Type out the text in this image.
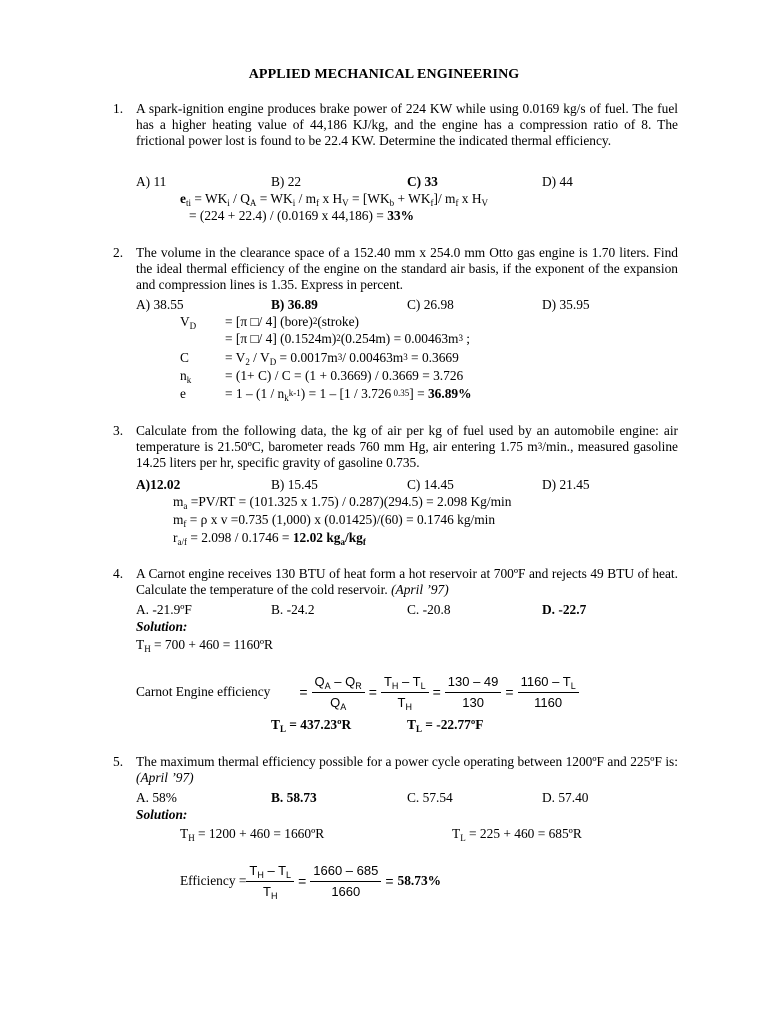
APPLIED MECHANICAL ENGINEERING
1. A spark-ignition engine produces brake power of 224 KW while using 0.0169 kg/s of fuel. The fuel has a higher heating value of 44,186 KJ/kg, and the engine has a compression ratio of 8. The frictional power lost is found to be 22.4 KW. Determine the indicated thermal efficiency.
A) 11	B) 22	C) 33	D) 44
$e_{ti} = WK_i / Q_A = WK_i / m_f$ x $H_V = [WK_b + WK_f]/$ $m_f$ x $H_V$
= (224 + 22.4) / (0.0169 x 44,186) = 33%
2. The volume in the clearance space of a 152.40 mm x 254.0 mm Otto gas engine is 1.70 liters. Find the ideal thermal efficiency of the engine on the standard air basis, if the exponent of the expansion and compression lines is 1.35. Express in percent.
A) 38.55	B) 36.89	C) 26.98	D) 35.95
$V_D = [\pi$ □/ 4] (bore)$^2$(stroke)
= [π □/ 4] $(0.1524m)^2(0.254m) = 0.00463m^3$ ;
C	= $V_2 / V_D = 0.0017m^3/$ $0.00463m^3 = 0.3669$
$n_k$	= (1+ C) / C = (1 + 0.3669) / 0.3669 = 3.726
e	= $1 - (1 / n_k^{k-1}) = 1 - [1 / 3.726$ $^{0.35}$] = 36.89%
3. Calculate from the following data, the kg of air per kg of fuel used by an automobile engine: air temperature is 21.50ºC, barometer reads 760 mm Hg, air entering 1.75 $m^3/\min$., measured gasoline 14.25 liters per hr, specific gravity of gasoline 0.735.
A)12.02	B) 15.45	C) 14.45	D) 21.45
$m_a =PV/RT = (101.325$ x 1.75) / 0.287)(294.5) = 2.098 Kg/min
$m_f = \rho$ x v =0.735 (1,000) x (0.01425)/(60) = 0.1746 kg/min
$r_{a/f} = 2.098 / 0.1746 = 12.02$ $kg_a/kg_f$
4. A Carnot engine receives 130 BTU of heat form a hot reservoir at 700ºF and rejects 49 BTU of heat. Calculate the temperature of the cold reservoir. (April ’97)
A. -21.9ºF	B. -24.2	C. -20.8	D. -22.7
Solution:
$T_H = 700 + 460$ = 1160ºR
Carnot Engine efficiency = $\frac{Q_A - Q_R}{Q_A} = \frac{T_H - T_L}{T_H} = \frac{130 - 49}{130} = \frac{1160 - T_L}{1160}$
$T_L$ = 437.23ºR	$T_L$ = -22.77ºF
5. The maximum thermal efficiency possible for a power cycle operating between 1200ºF and 225ºF is: (April ’97)
A. 58%	B. 58.73	C. 57.54	D. 57.40
Solution:
$T_H = 1200 + 460$ = 1660ºR	$T_L = 225 + 460$ = 685ºR
Efficiency = $\frac{T_H - T_L}{T_H} = \frac{1660 - 685}{1660} = 58.73\%$
